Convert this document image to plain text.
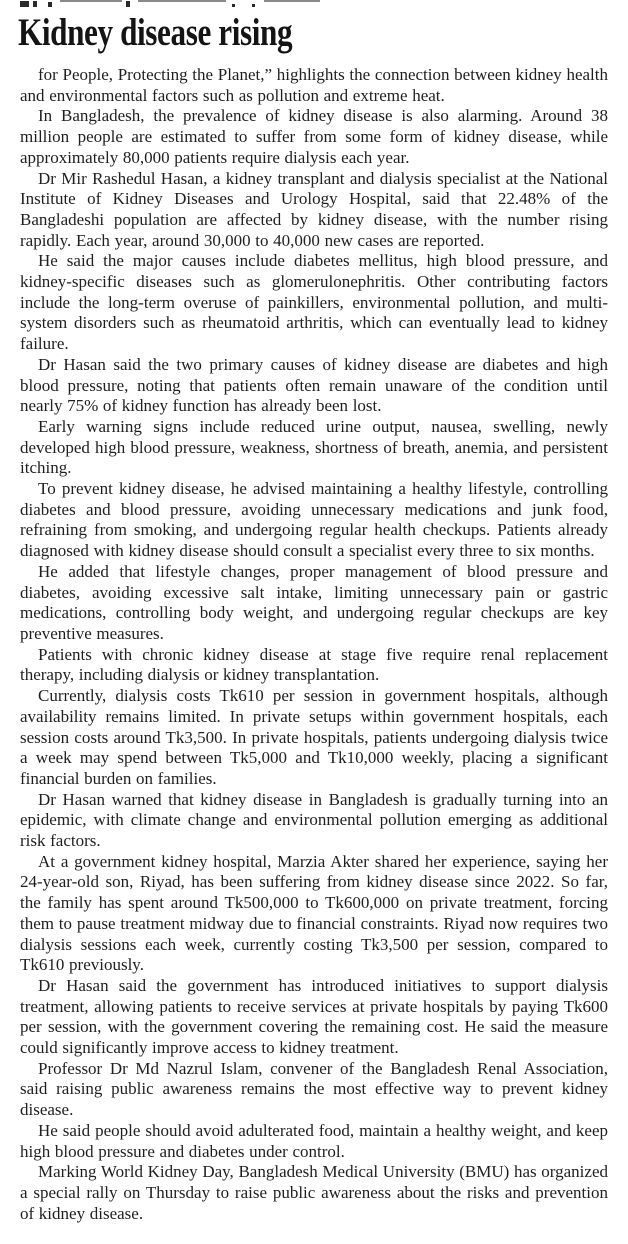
Kidney disease rising

for People, Protecting the Planet,” highlights the connection between kidney health and environmental factors such as pollution and extreme heat.

In Bangladesh, the prevalence of kidney disease is also alarming. Around 38 million people are estimated to suffer from some form of kidney disease, while approximately 80,000 patients require dialysis each year.

Dr Mir Rashedul Hasan, a kidney transplant and dialysis specialist at the National Institute of Kidney Diseases and Urology Hospital, said that 22.48% of the Bangladeshi population are affected by kidney disease, with the number rising rapidly. Each year, around 30,000 to 40,000 new cases are reported.

He said the major causes include diabetes mellitus, high blood pressure, and kidney-specific diseases such as glomerulonephritis. Other contributing factors include the long-term overuse of painkillers, environmental pollution, and multi-system disorders such as rheumatoid arthritis, which can eventually lead to kidney failure.

Dr Hasan said the two primary causes of kidney disease are diabetes and high blood pressure, noting that patients often remain unaware of the condition until nearly 75% of kidney function has already been lost.

Early warning signs include reduced urine output, nausea, swelling, newly developed high blood pressure, weakness, shortness of breath, anemia, and persistent itching.

To prevent kidney disease, he advised maintaining a healthy lifestyle, controlling diabetes and blood pressure, avoiding unnecessary medications and junk food, refraining from smoking, and undergoing regular health checkups. Patients already diagnosed with kidney disease should consult a specialist every three to six months.

He added that lifestyle changes, proper management of blood pressure and diabetes, avoiding excessive salt intake, limiting unnecessary pain or gastric medications, controlling body weight, and undergoing regular checkups are key preventive measures.

Patients with chronic kidney disease at stage five require renal replacement therapy, including dialysis or kidney transplantation.

Currently, dialysis costs Tk610 per session in government hospitals, although availability remains limited. In private setups within government hospitals, each session costs around Tk3,500. In private hospitals, patients undergoing dialysis twice a week may spend between Tk5,000 and Tk10,000 weekly, placing a significant financial burden on families.

Dr Hasan warned that kidney disease in Bangladesh is gradually turning into an epidemic, with climate change and environmental pollution emerging as additional risk factors.

At a government kidney hospital, Marzia Akter shared her experience, saying her 24-year-old son, Riyad, has been suffering from kidney disease since 2022. So far, the family has spent around Tk500,000 to Tk600,000 on private treatment, forcing them to pause treatment midway due to financial constraints. Riyad now requires two dialysis sessions each week, currently costing Tk3,500 per session, compared to Tk610 previously.

Dr Hasan said the government has introduced initiatives to support dialysis treatment, allowing patients to receive services at private hospitals by paying Tk600 per session, with the government covering the remaining cost. He said the measure could significantly improve access to kidney treatment.

Professor Dr Md Nazrul Islam, convener of the Bangladesh Renal Association, said raising public awareness remains the most effective way to prevent kidney disease.

He said people should avoid adulterated food, maintain a healthy weight, and keep high blood pressure and diabetes under control.

Marking World Kidney Day, Bangladesh Medical University (BMU) has organized a special rally on Thursday to raise public awareness about the risks and prevention of kidney disease.
